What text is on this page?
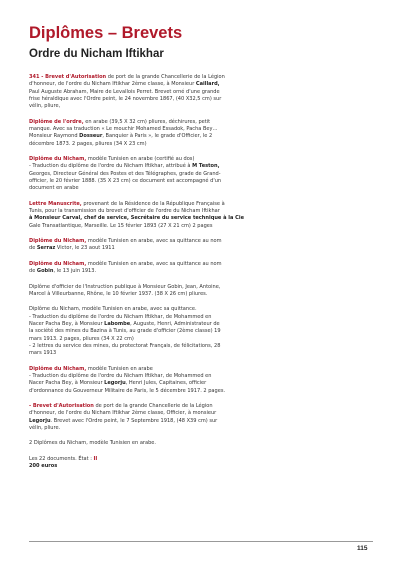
Diplômes – Brevets
Ordre du Nicham Iftikhar
341 - Brevet d'Autorisation de port de la grande Chancellerie de la Légion
d'honneur, de l'ordre du Nicham Iftikhar 2ème classe, à Monsieur Caillard,
Paul Auguste Abraham, Maire de Levallois Perret. Brevet orné d'une grande
frise héraldique avec l'Ordre peint, le 24 novembre 1867, (40 X32,5 cm) sur
vélin, pliure,
Diplôme de l'ordre, en arabe (39,5 X 32 cm) pliures, déchirures, petit
manque. Avec sa traduction « Le mouchir Mohamed Essadok, Pacha Bey…
Monsieur Raymond Dosseur, Banquier à Paris », le grade d'Officier, le 2
décembre 1873. 2 pages, pliures (34 X 23 cm)
Diplôme du Nicham, modèle Tunisien en arabe (certifié au dos)
- Traduction du diplôme de l'ordre du Nicham Iftikhar, attribué à M Teston,
Georges, Directeur Général des Postes et des Télégraphes, grade de Grand-
officier, le 20 février 1888. (35 X 23 cm) ce document est accompagné d'un
document en arabe
Lettre Manuscrite, provenant de la Résidence de la République Française à
Tunis, pour la transmission du brevet d'officier de l'ordre du Nicham Iftikhar
à Monsieur Carval, chef de service, Secrétaire du service technique à la Cie
Gale Transatlantique, Marseille. Le 15 février 1893 (27 X 21 cm) 2 pages
Diplôme du Nicham, modèle Tunisien en arabe, avec sa quittance au nom
de Serraz Victor, le 23 aout 1911
Diplôme du Nicham, modèle Tunisien en arabe, avec sa quittance au nom
de Gobin, le 13 juin 1913.
Diplôme d'officier de l'Instruction publique à Monsieur Gobin, Jean, Antoine,
Marcel à Villeurbanne, Rhône, le 10 février 1937. (38 X 26 cm) pliures.
Diplôme du Nicham, modèle Tunisien en arabe, avec sa quittance.
- Traduction du diplôme de l'ordre du Nicham Iftikhar, de Mohammed en
Nacer Pacha Bey, à Monsieur Labombe, Auguste, Henri, Administrateur de
la société des mines du Bazina à Tunis, au grade d'officier (2ème classe) 19
mars 1913. 2 pages, pliures (34 X 22 cm)
- 2 lettres du service des mines, du protectorat Français, de félicitations, 28
mars 1913
Diplôme du Nicham, modèle Tunisien en arabe
- Traduction du diplôme de l'ordre du Nicham Iftikhar, de Mohammed en
Nacer Pacha Bey, à Monsieur Legorju, Henri Jules, Capitaines, officier
d'ordonnance du Gouverneur Militaire de Paris, le 5 décembre 1917. 2 pages.
- Brevet d'Autorisation de port de la grande Chancellerie de la Légion
d'honneur, de l'ordre du Nicham Iftikhar 2ème classe, Officier, à monsieur
Legorju. Brevet avec l'Ordre peint, le 7 Septembre 1918, (48 X39 cm) sur
vélin, pliure.
2 Diplômes du Nicham, modèle Tunisien en arabe.
Les 22 documents. État : II
200 euros
115
